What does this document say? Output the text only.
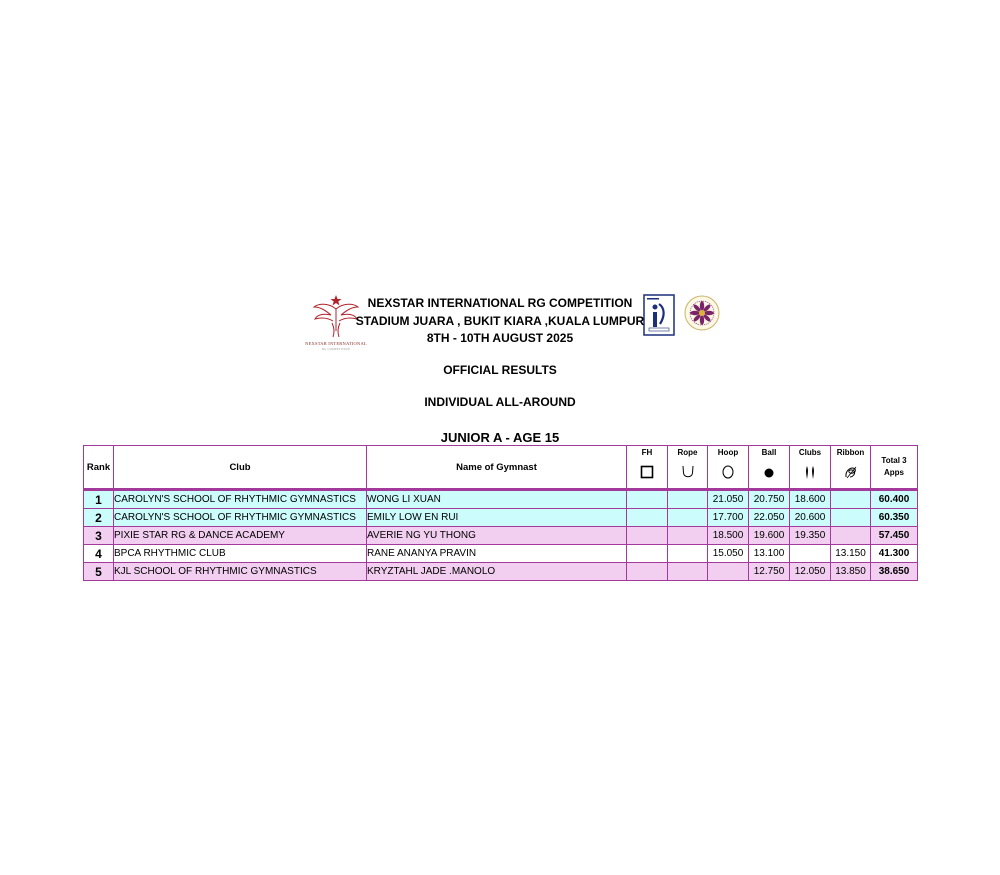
NEXSTAR INTERNATIONAL
RG COMPETITION
NEXSTAR INTERNATIONAL RG COMPETITION
STADIUM JUARA , BUKIT KIARA ,KUALA LUMPUR
8TH - 10TH AUGUST 2025
OFFICIAL RESULTS
INDIVIDUAL ALL-AROUND
JUNIOR A - AGE 15
Rank	Club	Name of Gymnast	FH	Rope	Hoop	Ball	Clubs	Ribbon	Total 3
Apps
1	CAROLYN'S SCHOOL OF RHYTHMIC GYMNASTICS	WONG LI XUAN			21.050	20.750	18.600		60.400
2	CAROLYN'S SCHOOL OF RHYTHMIC GYMNASTICS	EMILY LOW EN RUI			17.700	22.050	20.600		60.350
3	PIXIE STAR RG & DANCE ACADEMY	AVERIE NG YU THONG			18.500	19.600	19.350		57.450
4	BPCA RHYTHMIC CLUB	RANE ANANYA PRAVIN			15.050	13.100		13.150	41.300
5	KJL SCHOOL OF RHYTHMIC GYMNASTICS	KRYZTAHL JADE .MANOLO				12.750	12.050	13.850	38.650
